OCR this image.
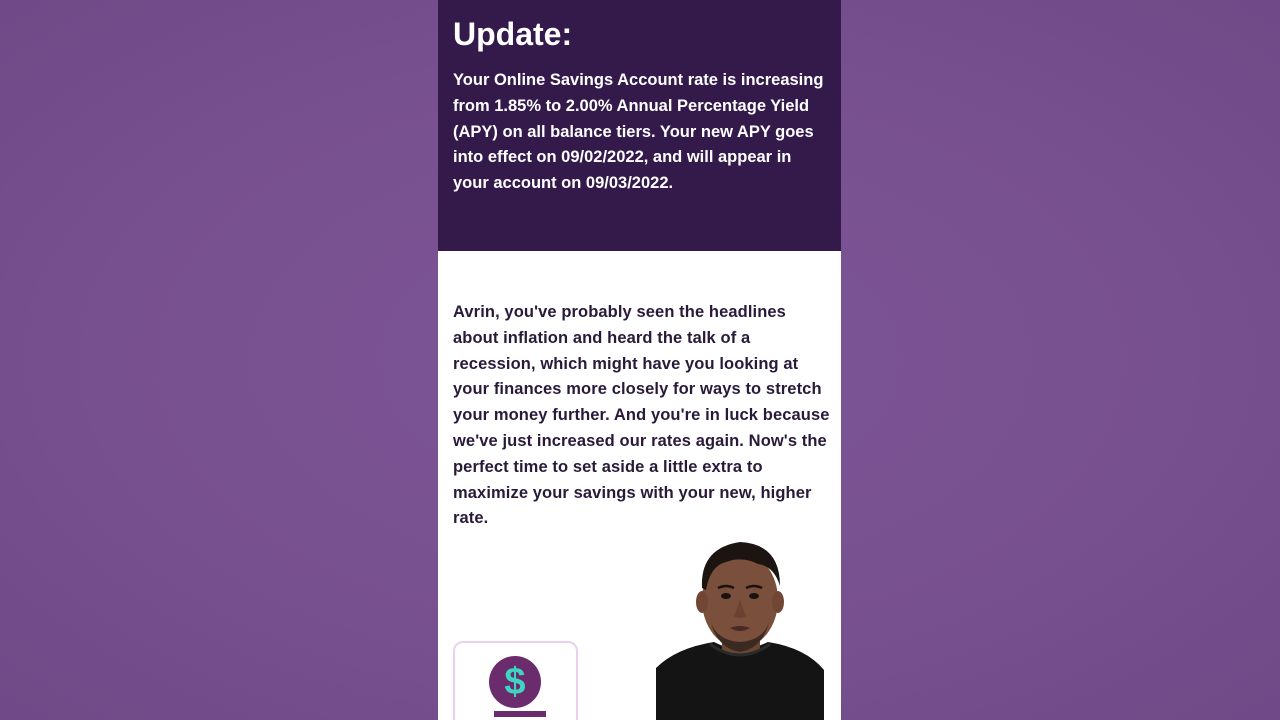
Update:

Your Online Savings Account rate is increasing from 1.85% to 2.00% Annual Percentage Yield (APY) on all balance tiers. Your new APY goes into effect on 09/02/2022, and will appear in your account on 09/03/2022.

Avrin, you've probably seen the headlines about inflation and heard the talk of a recession, which might have you looking at your finances more closely for ways to stretch your money further. And you're in luck because we've just increased our rates again. Now's the perfect time to set aside a little extra to maximize your savings with your new, higher rate.

$
